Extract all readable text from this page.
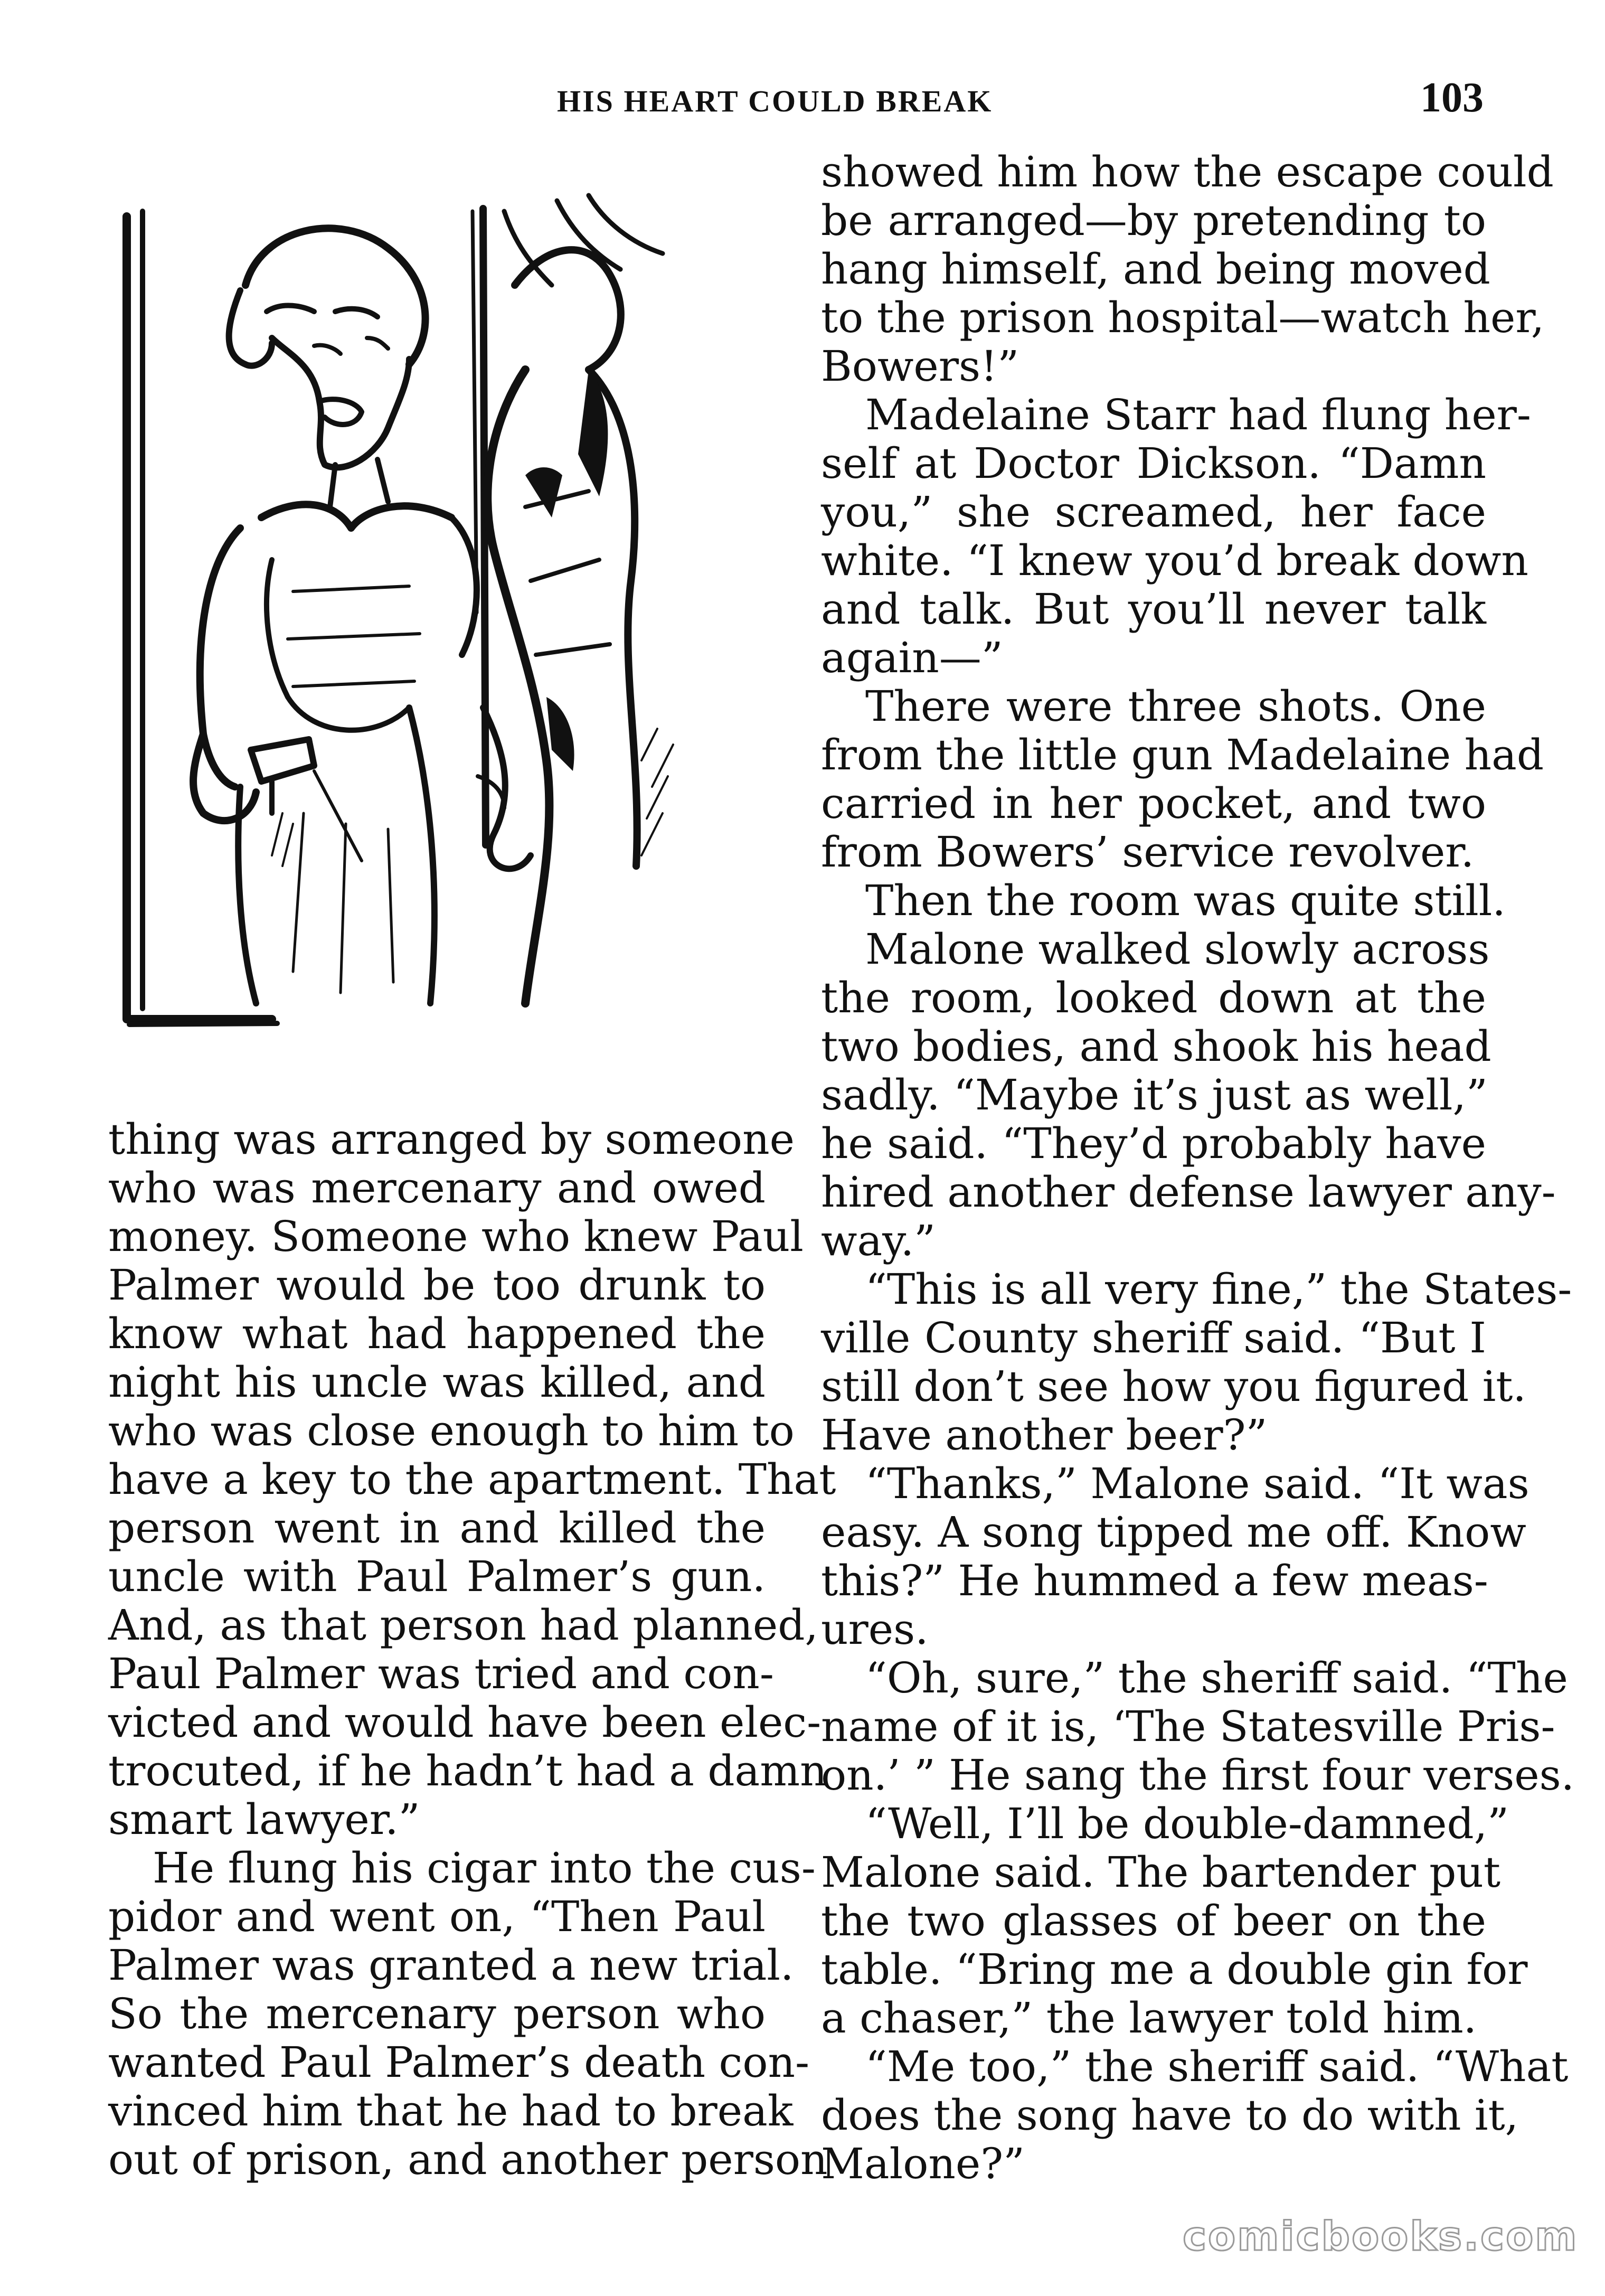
HIS HEART COULD BREAK	103

thing was arranged by someone
who was mercenary and owed
money. Someone who knew Paul
Palmer would be too drunk to
know what had happened the
night his uncle was killed, and
who was close enough to him to
have a key to the apartment. That
person went in and killed the
uncle with Paul Palmer’s gun.
And, as that person had planned,
Paul Palmer was tried and con-
victed and would have been elec-
trocuted, if he hadn’t had a damn
smart lawyer.”

He flung his cigar into the cus-
pidor and went on, “Then Paul
Palmer was granted a new trial.
So the mercenary person who
wanted Paul Palmer’s death con-
vinced him that he had to break
out of prison, and another person

showed him how the escape could
be arranged—by pretending to
hang himself, and being moved
to the prison hospital—watch her,
Bowers!”

Madelaine Starr had flung her-
self at Doctor Dickson. “Damn
you,” she screamed, her face
white. “I knew you’d break down
and talk. But you’ll never talk
again—”

There were three shots. One
from the little gun Madelaine had
carried in her pocket, and two
from Bowers’ service revolver.

Then the room was quite still.

Malone walked slowly across
the room, looked down at the
two bodies, and shook his head
sadly. “Maybe it’s just as well,”
he said. “They’d probably have
hired another defense lawyer any-
way.”

“This is all very fine,” the States-
ville County sheriff said. “But I
still don’t see how you figured it.
Have another beer?”

“Thanks,” Malone said. “It was
easy. A song tipped me off. Know
this?” He hummed a few meas-
ures.

“Oh, sure,” the sheriff said. “The
name of it is, ‘The Statesville Pris-
on.’ ” He sang the first four verses.

“Well, I’ll be double-damned,”
Malone said. The bartender put
the two glasses of beer on the
table. “Bring me a double gin for
a chaser,” the lawyer told him.

“Me too,” the sheriff said. “What
does the song have to do with it,
Malone?”

comicbooks.com
